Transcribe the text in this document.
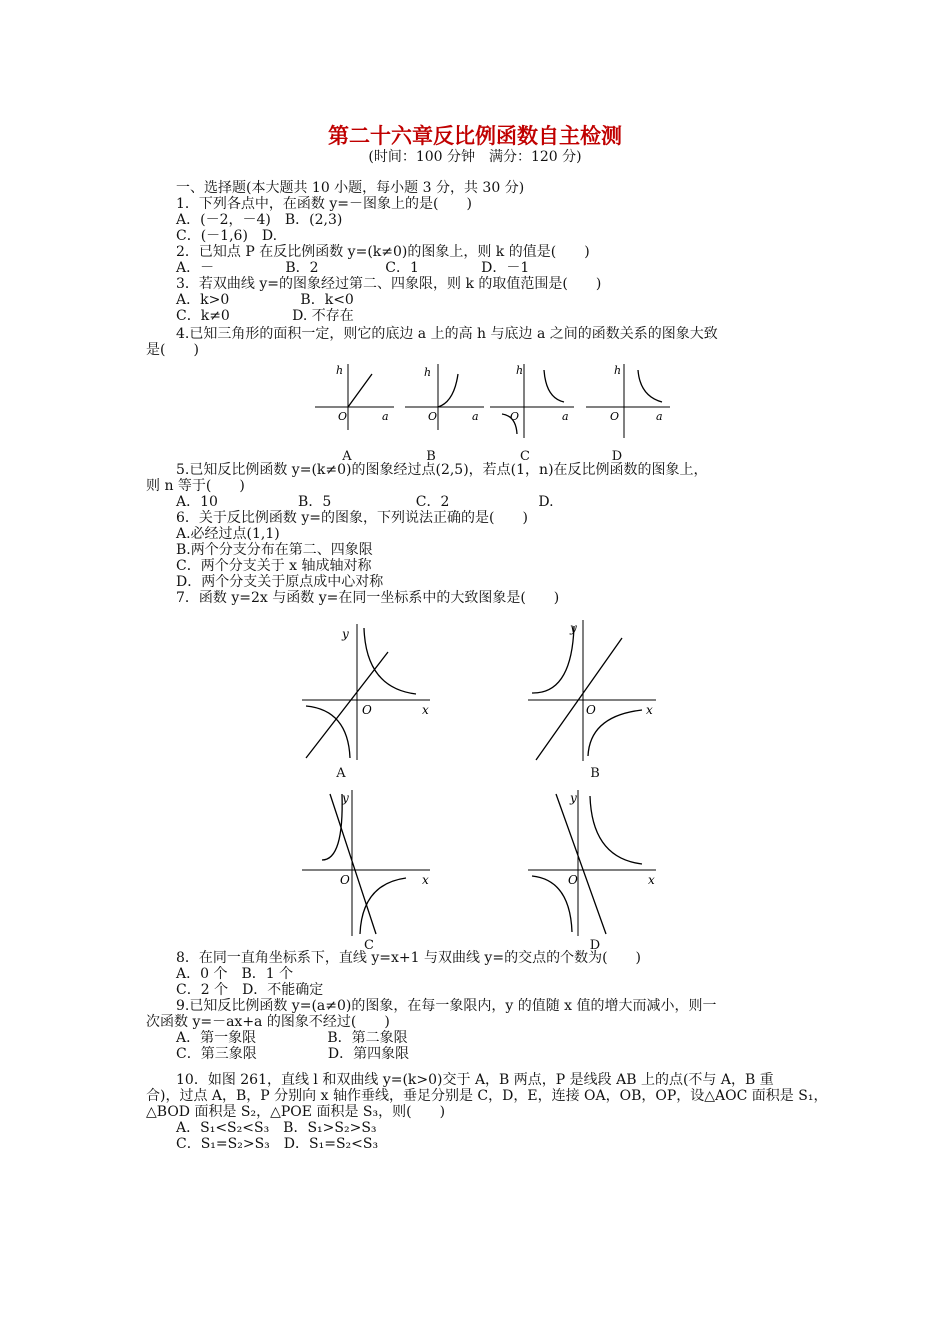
第二十六章反比例函数自主检测
(时间：100 分钟　满分：120 分)
一、选择题(本大题共 10 小题，每小题 3 分，共 30 分)
1．下列各点中，在函数 y=－图象上的是(　　)
A．(－2，－4)　B．(2,3)
C．(－1,6)　D.
2．已知点 P 在反比例函数 y=(k≠0)的图象上，则 k 的值是(　　)
A．－                B．2               C．1              D．－1
3．若双曲线 y=的图象经过第二、四象限，则 k 的取值范围是(　　)
A．k>0                B．k<0
C．k≠0              D. 不存在
4.已知三角形的面积一定，则它的底边 a 上的高 h 与底边 a 之间的函数关系的图象大致
是(　　)
5.已知反比例函数 y=(k≠0)的图象经过点(2,5)，若点(1，n)在反比例函数的图象上，
则 n 等于(　　)
A．10                  B．5                   C．2                    D.
6．关于反比例函数 y=的图象，下列说法正确的是(　　)
A.必经过点(1,1)
B.两个分支分布在第二、四象限
C．两个分支关于 x 轴成轴对称
D．两个分支关于原点成中心对称
7．函数 y=2x 与函数 y=在同一坐标系中的大致图象是(　　)
8．在同一直角坐标系下，直线 y=x+1 与双曲线 y=的交点的个数为(　　)
A．0 个　B．1 个
C．2 个　D．不能确定
9.已知反比例函数 y=(a≠0)的图象，在每一象限内，y 的值随 x 值的增大而减小，则一
次函数 y=－ax+a 的图象不经过(　　)
A．第一象限                B．第二象限
C．第三象限                D．第四象限
10．如图 261，直线 l 和双曲线 y=(k>0)交于 A，B 两点，P 是线段 AB 上的点(不与 A，B 重
合)，过点 A，B，P 分别向 x 轴作垂线，垂足分别是 C，D，E，连接 OA，OB，OP，设△AOC 面积是 S₁，
△BOD 面积是 S₂，△POE 面积是 S₃，则(　　)
A．S₁<S₂<S₃　B．S₁>S₂>S₃
C．S₁=S₂>S₃　D．S₁=S₂<S₃
h
O	a
h
O	a
h
O	a
h
O	a
A	B	C	D
y
O	x
y
O	x
A	B
y
O	x
y
O	x
C	D
